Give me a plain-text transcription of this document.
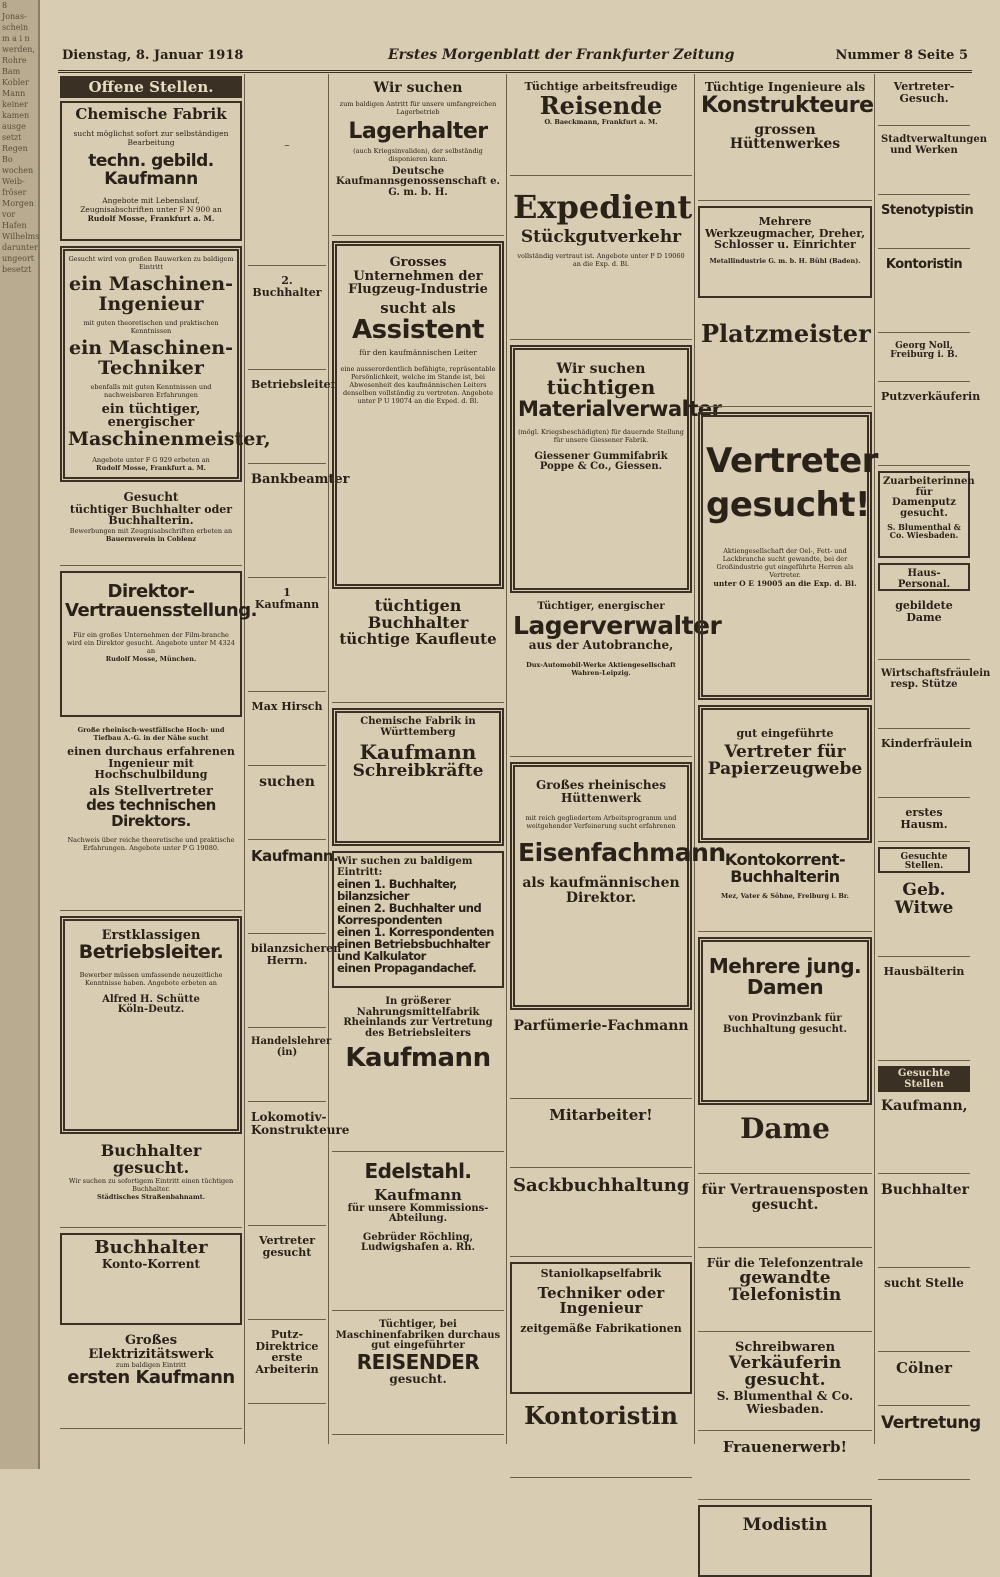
8
Jonas-
schein
m a i n
werden,
Rohre
Bam
Kobler
Mann
keiner
kamen
ausge
setzt
Regen
Bo
wochen
Weib-
fröser
Morgen
vor
Hafen
Wilhelms
darunter
ungeort
besetzt
Dienstag, 8. Januar 1918	Erstes Morgenblatt der Frankfurter Zeitung	Nummer 8 Seite 5
Offene Stellen.
Chemische Fabrik
sucht möglichst sofort zur selbständigen Bearbeitung
techn. gebild. Kaufmann
Angebote mit Lebenslauf, Zeugnisabschriften unter F N 900 an
Rudolf Mosse, Frankfurt a. M.
Gesucht wird von großen Bauwerken zu baldigem Eintritt
ein Maschinen-Ingenieur
mit guten theoretischen und praktischen Kenntnissen
ein Maschinen-Techniker
ebenfalls mit guten Kenntnissen und nachweisbaren Erfahrungen
ein tüchtiger, energischer
Maschinenmeister,
Angebote unter F G 929 erbeten an
Rudolf Mosse, Frankfurt a. M.
Gesucht
tüchtiger Buchhalter oder Buchhalterin.
Bewerbungen mit Zeugnisabschriften erbeten an
Bauernverein in Coblenz
Direktor-Vertrauensstellung.
Für ein großes Unternehmen der Film-branche wird ein Direktor gesucht. Angebote unter M 4324 an
Rudolf Mosse, München.
Große rheinisch-westfälische Hoch- und Tiefbau A.-G. in der Nähe sucht
einen durchaus erfahrenen Ingenieur mit Hochschulbildung
als Stellvertreter
des technischen Direktors.
Nachweis über reiche theoretische und praktische Erfahrungen. Angebote unter P G 19080.
Erstklassigen
Betriebsleiter.
Bewerber müssen umfassende neuzeitliche Kenntnisse haben. Angebote erbeten an
Alfred H. Schütte
Köln-Deutz.
Buchhalter gesucht.
Wir suchen zu sofortigem Eintritt einen tüchtigen Buchhalter.
Städtisches Straßenbahnamt.
Buchhalter
Konto-Korrent
Großes Elektrizitätswerk
zum baldigen Eintritt
ersten Kaufmann
~
2. Buchhalter
Betriebsleiter
Bankbeamter
1 Kaufmann
Max Hirsch
suchen
Kaufmann.
bilanzsicheren Herrn.
Handelslehrer (in)
Lokomotiv-Konstrukteure
Vertreter gesucht
Putz-Direktrice erste Arbeiterin
Wir suchen
zum baldigen Antritt für unsere umfangreichen Lagerbetrieb
Lagerhalter
(auch Kriegsinvaliden), der selbständig disponieren kann.
Deutsche Kaufmannsgenossenschaft e. G. m. b. H.
Grosses Unternehmen der Flugzeug-Industrie
sucht als
Assistent
für den kaufmännischen Leiter
eine ausserordentlich befähigte, repräsentable Persönlichkeit, welche im Stande ist, bei Abwesenheit des kaufmännischen Leiters denselben vollständig zu vertreten. Angebote unter P U 19074 an die Exped. d. Bl.
tüchtigen Buchhalter
tüchtige Kaufleute
Chemische Fabrik in Württemberg
Kaufmann
Schreibkräfte
Wir suchen zu baldigem Eintritt:
einen 1. Buchhalter, bilanzsicher
einen 2. Buchhalter und Korrespondenten
einen 1. Korrespondenten
einen Betriebsbuchhalter und Kalkulator
einen Propagandachef.
In größerer Nahrungsmittelfabrik Rheinlands zur Vertretung des Betriebsleiters
Kaufmann
Edelstahl.
Kaufmann
für unsere Kommissions-Abteilung.
Gebrüder Röchling, Ludwigshafen a. Rh.
Tüchtiger, bei Maschinenfabriken durchaus gut eingeführter
REISENDER
gesucht.
Tüchtige arbeitsfreudige
Reisende
O. Baeckmann, Frankfurt a. M.
Expedient
Stückgutverkehr
vollständig vertraut ist. Angebote unter P D 19060 an die Exp. d. Bl.
Wir suchen
tüchtigen
Materialverwalter
(mögl. Kriegsbeschädigten) für dauernde Stellung für unsere Giessener Fabrik.
Giessener Gummifabrik Poppe & Co., Giessen.
Tüchtiger, energischer
Lagerverwalter
aus der Autobranche,
Dux-Automobil-Werke Aktiengesellschaft Wahren-Leipzig.
Großes rheinisches Hüttenwerk
mit reich gegliedertem Arbeitsprogramm und weitgehender Verfeinerung sucht erfahrenen
Eisenfachmann
als kaufmännischen Direktor.
Parfümerie-Fachmann
Mitarbeiter!
Sackbuchhaltung
Staniolkapselfabrik
Techniker oder Ingenieur
zeitgemäße Fabrikationen
Kontoristin
Tüchtige Ingenieure als
Konstrukteure
grossen Hüttenwerkes
Mehrere Werkzeugmacher, Dreher, Schlosser u. Einrichter
Metallindustrie G. m. b. H. Bühl (Baden).
Platzmeister
Vertreter gesucht!
Aktiengesellschaft der Oel-, Fett- und Lackbranche sucht gewandte, bei der Großindustrie gut eingeführte Herren als Vertreter.
unter O E 19005 an die Exp. d. Bl.
gut eingeführte
Vertreter für Papierzeugwebe
Kontokorrent-Buchhalterin
Mez, Vater & Söhne, Freiburg i. Br.
Mehrere jung. Damen
von Provinzbank für Buchhaltung gesucht.
Dame
für Vertrauensposten gesucht.
Für die Telefonzentrale
gewandte Telefonistin
Schreibwaren
Verkäuferin gesucht.
S. Blumenthal & Co. Wiesbaden.
Frauenerwerb!
Modistin
Vertreter-Gesuch.
Stadtverwaltungen und Werken
Stenotypistin
Kontoristin
Georg Noll, Freiburg i. B.
Putzverkäuferin
Zuarbeiterinnen für Damenputz gesucht.
S. Blumenthal & Co. Wiesbaden.
Haus-Personal.
gebildete Dame
Wirtschaftsfräulein resp. Stütze
Kinderfräulein
erstes Hausm.
Gesuchte Stellen.
Geb. Witwe
Hausbälterin
Gesuchte Stellen
Kaufmann,
Buchhalter
sucht Stelle
Cölner
Vertretung
